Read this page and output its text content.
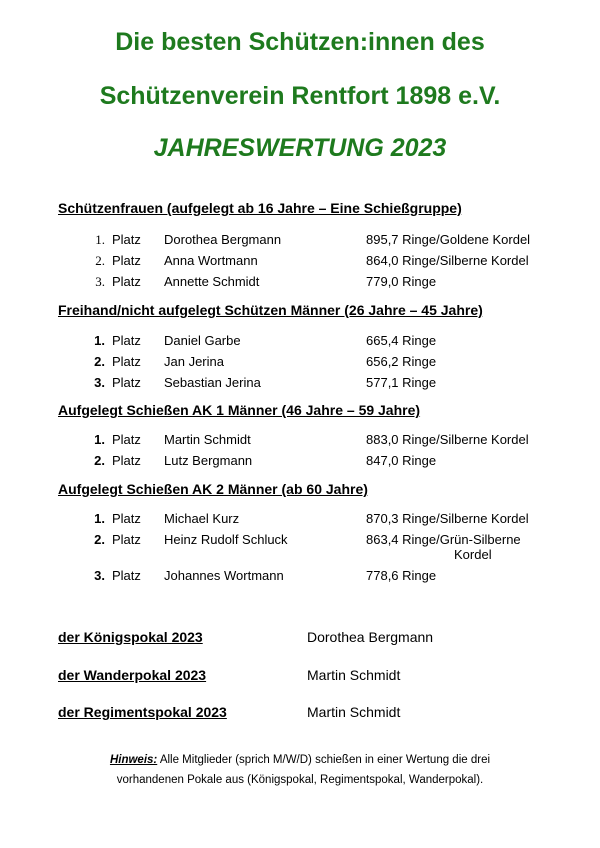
Die besten Schützen:innen des
Schützenverein Rentfort 1898 e.V.
JAHRESWERTUNG 2023
Schützenfrauen (aufgelegt ab 16 Jahre – Eine Schießgruppe)
1. Platz Dorothea Bergmann	895,7 Ringe/Goldene Kordel
2. Platz Anna Wortmann	864,0 Ringe/Silberne Kordel
3. Platz Annette Schmidt	779,0 Ringe
Freihand/nicht aufgelegt Schützen Männer (26 Jahre – 45 Jahre)
1. Platz Daniel Garbe	665,4 Ringe
2. Platz Jan Jerina	656,2 Ringe
3. Platz Sebastian Jerina	577,1 Ringe
Aufgelegt Schießen AK 1 Männer (46 Jahre – 59 Jahre)
1. Platz Martin Schmidt	883,0 Ringe/Silberne Kordel
2. Platz Lutz Bergmann	847,0 Ringe
Aufgelegt Schießen AK 2 Männer (ab 60 Jahre)
1. Platz Michael Kurz	870,3 Ringe/Silberne Kordel
2. Platz Heinz Rudolf Schluck	863,4 Ringe/Grün-Silberne
Kordel
3. Platz Johannes Wortmann	778,6 Ringe
der Königspokal 2023	Dorothea Bergmann
der Wanderpokal 2023	Martin Schmidt
der Regimentspokal 2023	Martin Schmidt
Hinweis: Alle Mitglieder (sprich M/W/D) schießen in einer Wertung die drei
vorhandenen Pokale aus (Königspokal, Regimentspokal, Wanderpokal).
